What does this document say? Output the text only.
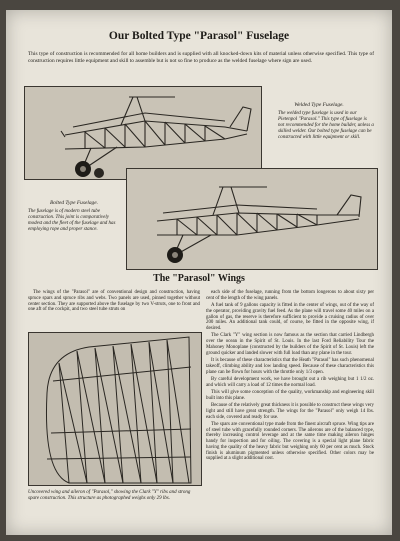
Our Bolted Type "Parasol" Fuselage
This type of construction is recommended for all home builders and is supplied with all knocked-down kits of material unless otherwise specified. This type of construction requires little equipment and skill to assemble but is not so fine to produce as the welded fuselage where sign are used.
Welded Type Fuselage.
The welded type fuselage is used in our Pietenpol "Parasol." This type of fuselage is not recommended for the home builder, unless a skilled welder. Our bolted type fuselage can be constructed with little equipment or skill.
Bolted Type Fuselage.
The fuselage is of modern steel tube construction. This joint is comparatively modest and the fleet of the fuselage and has employing rope and proper stance.
The "Parasol" Wings

The wings of the "Parasol" are of conventional design and construction, having spruce spars and spruce ribs and webs. Two panels are used, pinned together without center section. They are supported above the fuselage by two V-struts, one to front and one aft of the cockpit, and two steel tube struts on

Uncovered wing and aileron of "Parasol," showing the Clark "Y" ribs and strong spare construction. This structure as photographed weighs only 29 lbs.

each side of the fuselage, running from the bottom longerons to about sixty per cent of the length of the wing panels.

A fuel tank of 9 gallons capacity is fitted in the center of wings, out of the way of the operator, providing gravity fuel feed. As the plane will travel some 40 miles on a gallon of gas, the reserve is therefore sufficient to provide a cruising radius of over 200 miles. An additional tank could, of course, be fitted in the opposite wing, if desired.

The Clark "Y" wing section is now famous as the section that carried Lindbergh over the ocean in the Spirit of St. Louis. In the last Ford Reliability Tour the Mahoney Monoplane (constructed by the builders of the Spirit of St. Louis) left the ground quicker and landed slower with full load than any plane in the tour.

It is because of these characteristics that the Heath "Parasol" has such phenomenal takeoff, climbing ability and low landing speed. Because of these characteristics this plane can be flown for hours with the throttle only 1/3 open.

By careful development work, we have brought out a rib weighing but 1 1/2 oz. and which will carry a load of 12 times the normal load.

This will give some conception of the quality, workmanship and engineering skill built into this plane.

Because of the relatively great thickness it is possible to construct these wings very light and still have great strength. The wings for the "Parasol" only weigh 14 lbs. each side, covered and ready for use.

The spars are conventional type made from the finest aircraft spruce. Wing tips are of steel tube with gracefully rounded corners. The ailerons are of the balanced type, thereby increasing control leverage and at the same time making aileron hinges handy for inspection and for oiling. The covering is a special light plane fabric having the quality of the heavy fabric but weighing only 60 per cent as much. Stock finish is aluminum pigmented unless otherwise specified. Other colors may be supplied at a slight additional cost.
